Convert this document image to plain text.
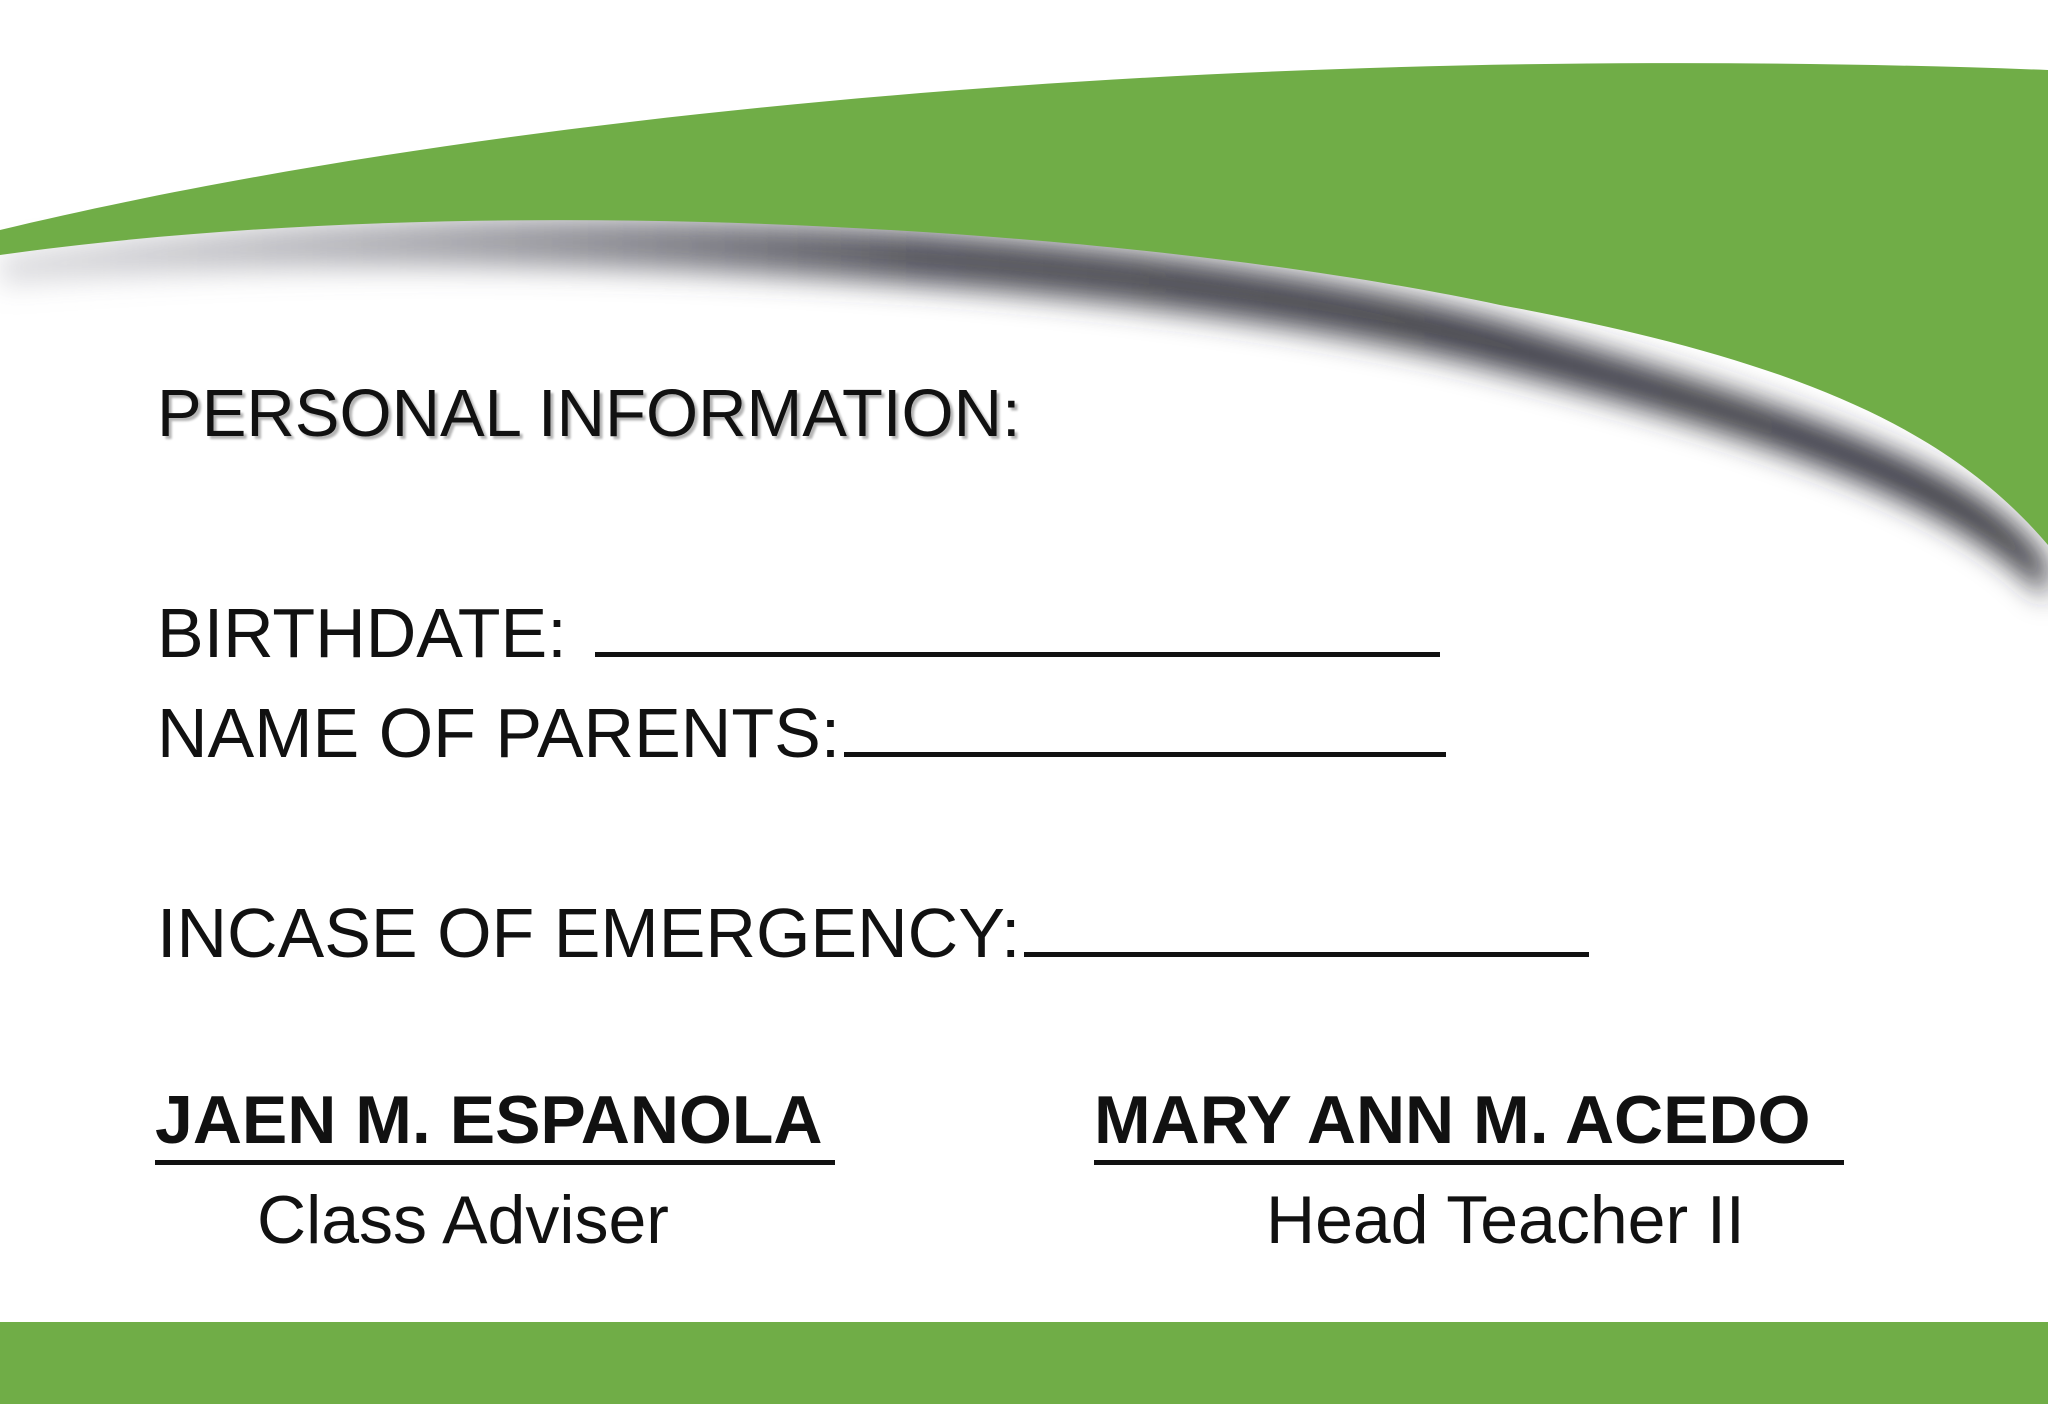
PERSONAL INFORMATION:
BIRTHDATE:
NAME OF PARENTS:
INCASE OF EMERGENCY:
JAEN M. ESPANOLA
Class Adviser
MARY ANN M. ACEDO
Head Teacher II
